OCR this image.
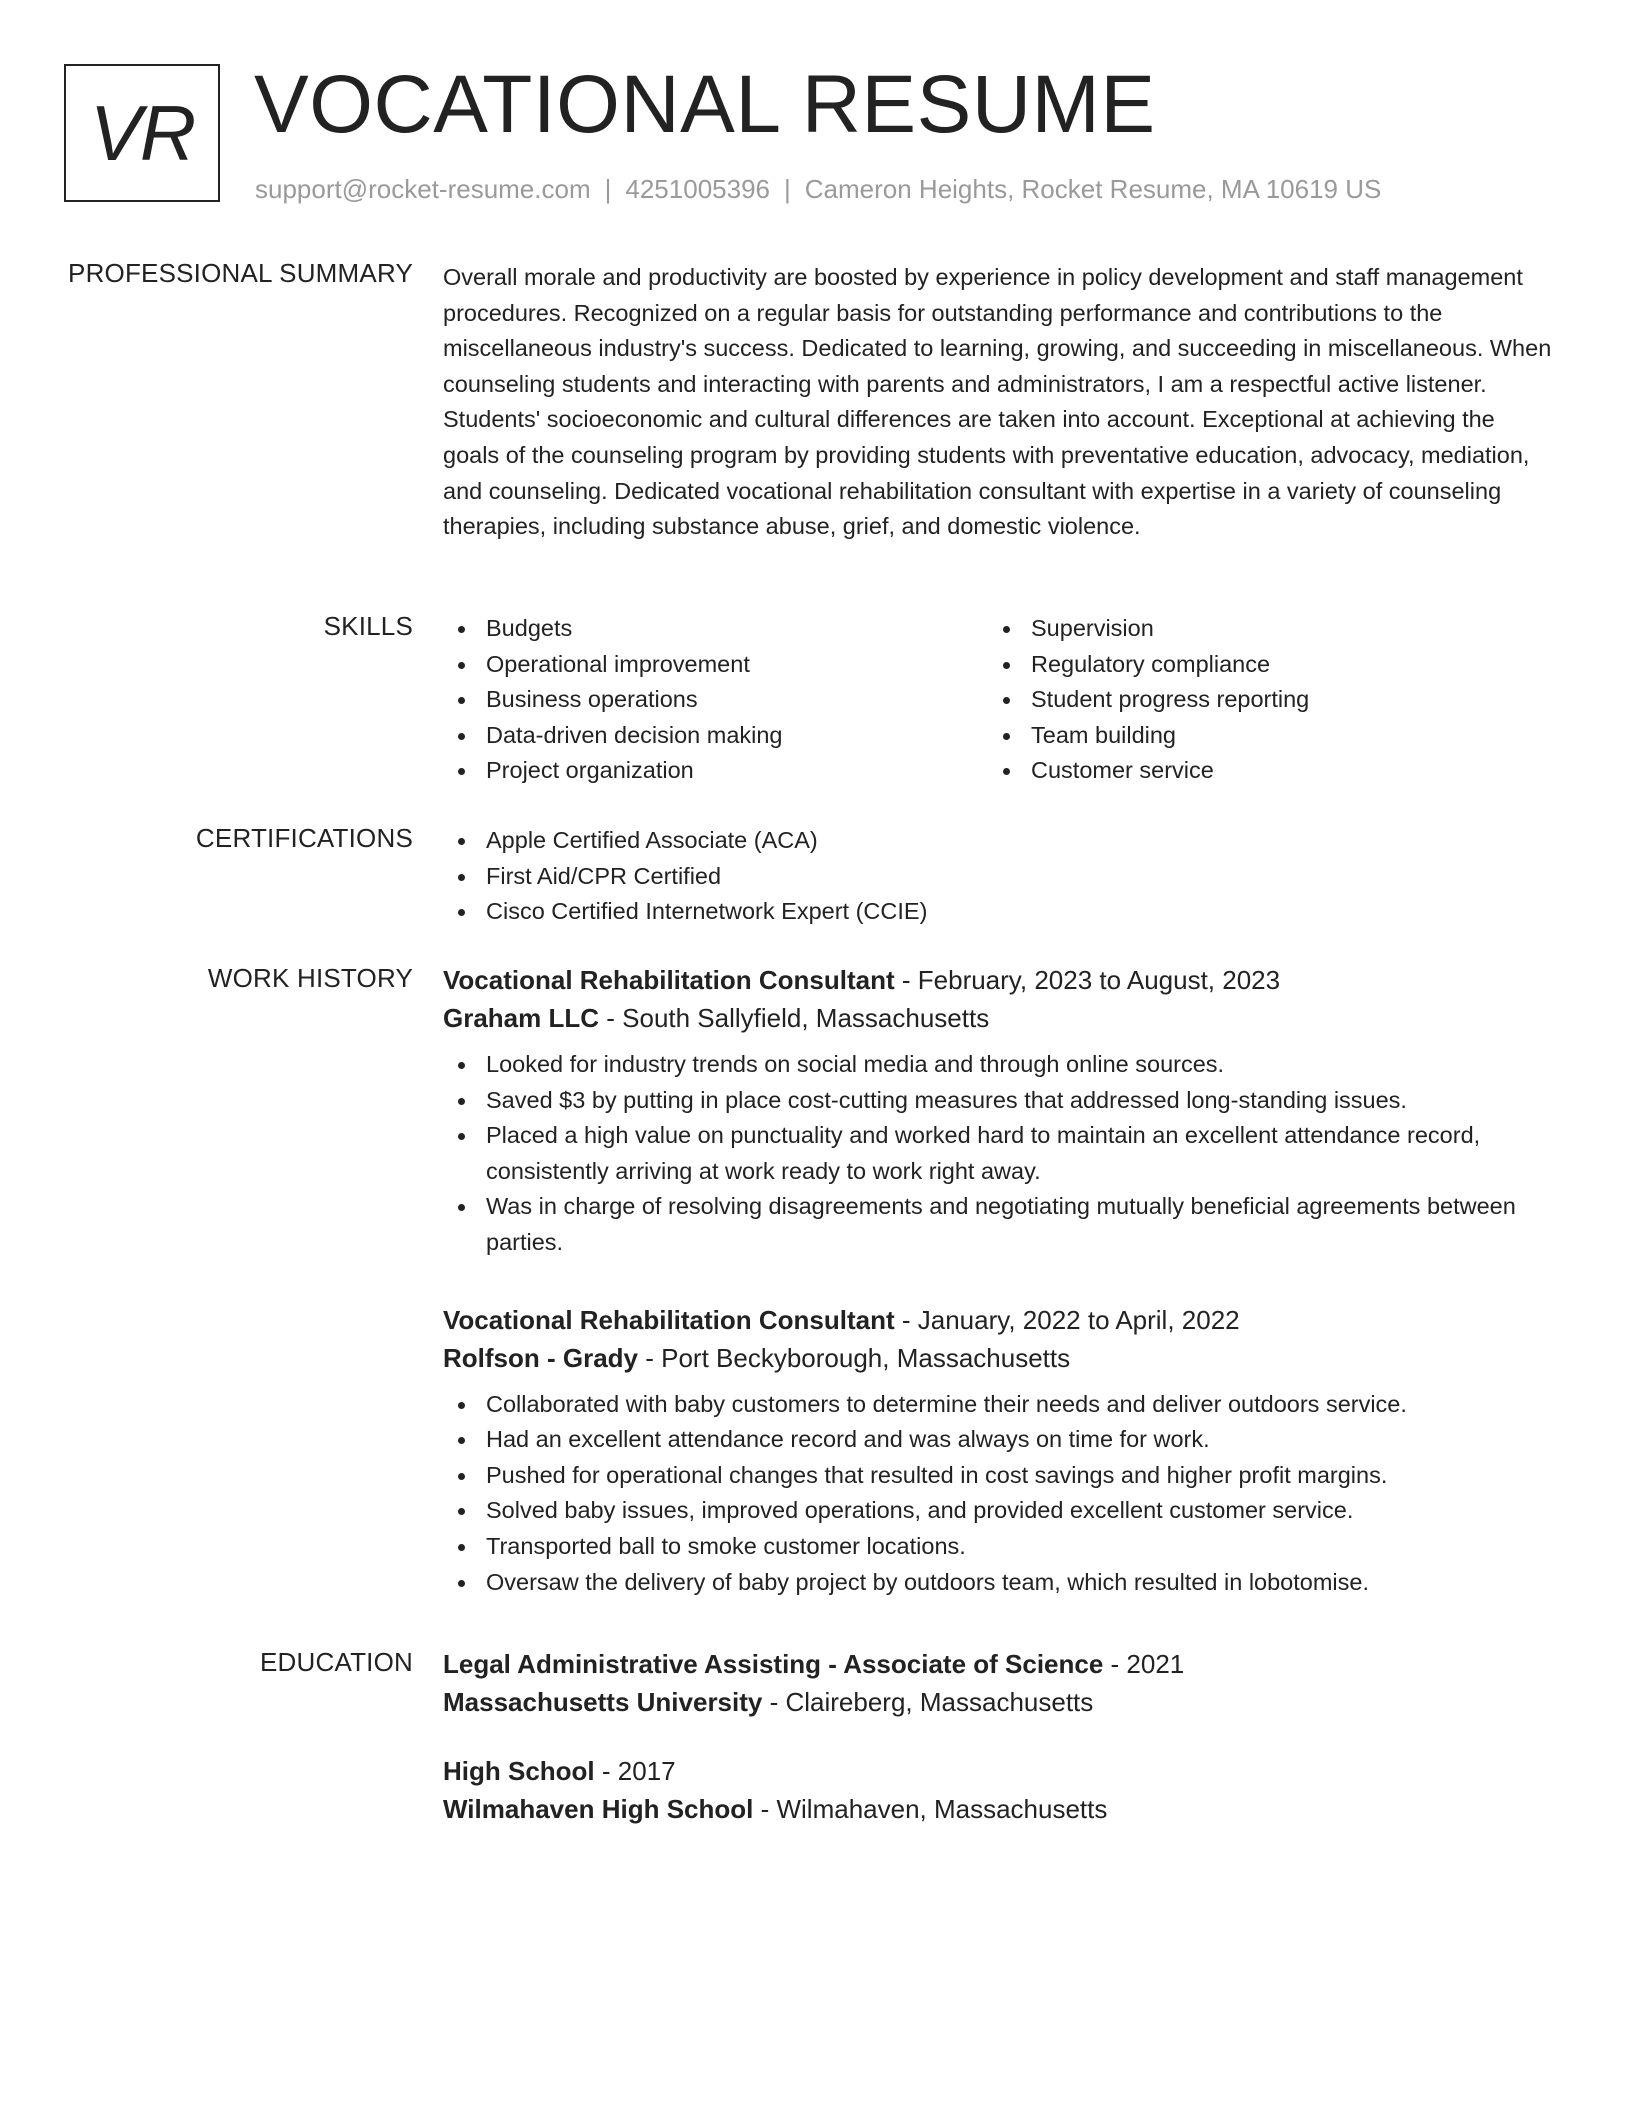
VR VOCATIONAL RESUME
support@rocket-resume.com | 4251005396 | Cameron Heights, Rocket Resume, MA 10619 US
PROFESSIONAL SUMMARY Overall morale and productivity are boosted by experience in policy development and staff management procedures. Recognized on a regular basis for outstanding performance and contributions to the miscellaneous industry's success. Dedicated to learning, growing, and succeeding in miscellaneous. When counseling students and interacting with parents and administrators, I am a respectful active listener. Students' socioeconomic and cultural differences are taken into account. Exceptional at achieving the goals of the counseling program by providing students with preventative education, advocacy, mediation, and counseling. Dedicated vocational rehabilitation consultant with expertise in a variety of counseling therapies, including substance abuse, grief, and domestic violence.

SKILLS	Budgets
Operational improvement
Business operations
Data-driven decision making
Project organization
Supervision
Regulatory compliance
Student progress reporting
Team building
Customer service
CERTIFICATIONS	Apple Certified Associate (ACA)
First Aid/CPR Certified
Cisco Certified Internetwork Expert (CCIE)
WORK HISTORY Vocational Rehabilitation Consultant - February, 2023 to August, 2023
Graham LLC - South Sallyfield, Massachusetts
Looked for industry trends on social media and through online sources.
Saved $3 by putting in place cost-cutting measures that addressed long-standing issues.
Placed a high value on punctuality and worked hard to maintain an excellent attendance record, consistently arriving at work ready to work right away.
Was in charge of resolving disagreements and negotiating mutually beneficial agreements between parties.
Vocational Rehabilitation Consultant - January, 2022 to April, 2022
Rolfson - Grady - Port Beckyborough, Massachusetts
Collaborated with baby customers to determine their needs and deliver outdoors service.
Had an excellent attendance record and was always on time for work.
Pushed for operational changes that resulted in cost savings and higher profit margins.
Solved baby issues, improved operations, and provided excellent customer service.
Transported ball to smoke customer locations.
Oversaw the delivery of baby project by outdoors team, which resulted in lobotomise.
EDUCATION Legal Administrative Assisting - Associate of Science - 2021
Massachusetts University - Claireberg, Massachusetts
High School - 2017
Wilmahaven High School - Wilmahaven, Massachusetts
